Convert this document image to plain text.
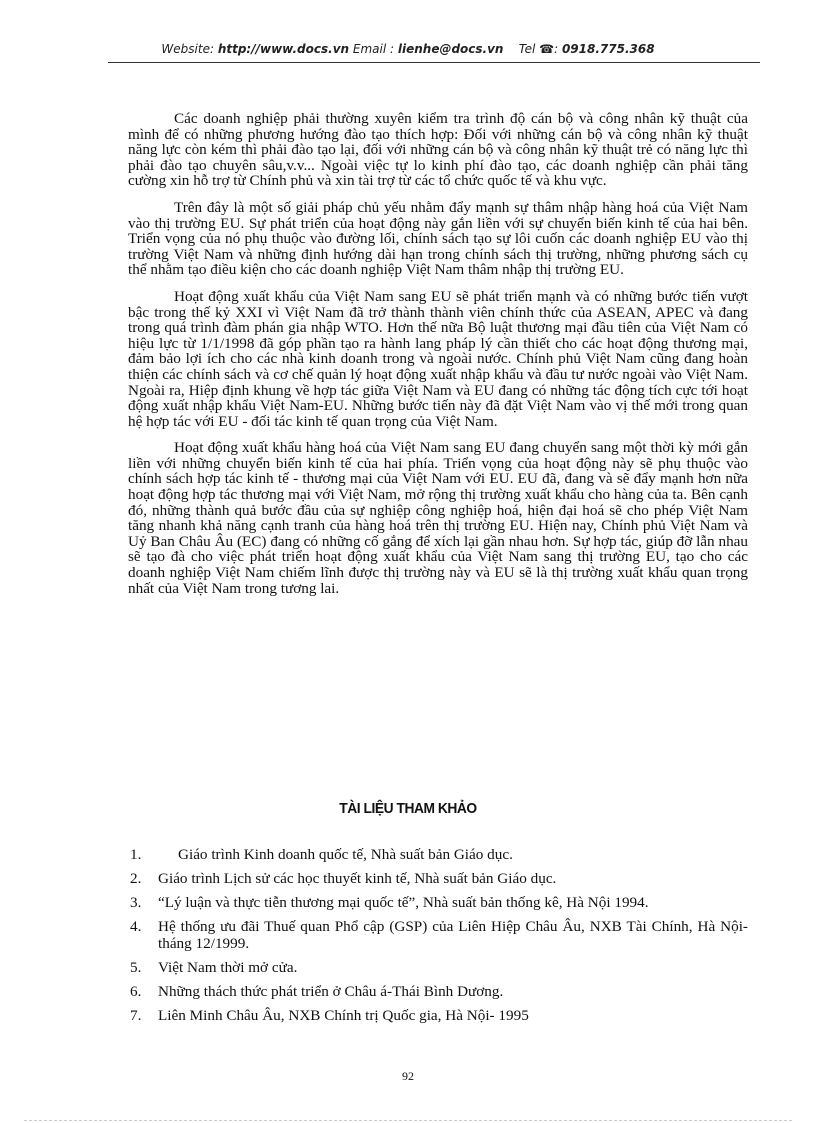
Website: http://www.docs.vn Email : lienhe@docs.vn Tel ☎: 0918.775.368

Các doanh nghiệp phải thường xuyên kiểm tra trình độ cán bộ và công nhân kỹ thuật của mình để có những phương hướng đào tạo thích hợp: Đối với những cán bộ và công nhân kỹ thuật năng lực còn kém thì phải đào tạo lại, đối với những cán bộ và công nhân kỹ thuật trẻ có năng lực thì phải đào tạo chuyên sâu,v.v... Ngoài việc tự lo kinh phí đào tạo, các doanh nghiệp cần phải tăng cường xin hỗ trợ từ Chính phủ và xin tài trợ từ các tổ chức quốc tế và khu vực.

Trên đây là một số giải pháp chủ yếu nhằm đẩy mạnh sự thâm nhập hàng hoá của Việt Nam vào thị trường EU. Sự phát triển của hoạt động này gắn liền với sự chuyển biến kinh tế của hai bên. Triển vọng của nó phụ thuộc vào đường lối, chính sách tạo sự lôi cuốn các doanh nghiệp EU vào thị trường Việt Nam và những định hướng dài hạn trong chính sách thị trường, những phương sách cụ thể nhằm tạo điều kiện cho các doanh nghiệp Việt Nam thâm nhập thị trường EU.

Hoạt động xuất khẩu của Việt Nam sang EU sẽ phát triển mạnh và có những bước tiến vượt bậc trong thế kỷ XXI vì Việt Nam đã trở thành thành viên chính thức của ASEAN, APEC và đang trong quá trình đàm phán gia nhập WTO. Hơn thế nữa Bộ luật thương mại đầu tiên của Việt Nam có hiệu lực từ 1/1/1998 đã góp phần tạo ra hành lang pháp lý cần thiết cho các hoạt động thương mại, đảm bảo lợi ích cho các nhà kinh doanh trong và ngoài nước. Chính phủ Việt Nam cũng đang hoàn thiện các chính sách và cơ chế quản lý hoạt động xuất nhập khẩu và đầu tư nước ngoài vào Việt Nam. Ngoài ra, Hiệp định khung về hợp tác giữa Việt Nam và EU đang có những tác động tích cực tới hoạt động xuất nhập khẩu Việt Nam-EU. Những bước tiến này đã đặt Việt Nam vào vị thế mới trong quan hệ hợp tác với EU - đối tác kinh tế quan trọng của Việt Nam.

Hoạt động xuất khẩu hàng hoá của Việt Nam sang EU đang chuyển sang một thời kỳ mới gắn liền với những chuyển biến kinh tế của hai phía. Triển vọng của hoạt động này sẽ phụ thuộc vào chính sách hợp tác kinh tế - thương mại của Việt Nam với EU. EU đã, đang và sẽ đẩy mạnh hơn nữa hoạt động hợp tác thương mại với Việt Nam, mở rộng thị trường xuất khẩu cho hàng của ta. Bên cạnh đó, những thành quả bước đầu của sự nghiệp công nghiệp hoá, hiện đại hoá sẽ cho phép Việt Nam tăng nhanh khả năng cạnh tranh của hàng hoá trên thị trường EU. Hiện nay, Chính phủ Việt Nam và Uỷ Ban Châu Âu (EC) đang có những cố gắng để xích lại gần nhau hơn. Sự hợp tác, giúp đỡ lẫn nhau sẽ tạo đà cho việc phát triển hoạt động xuất khẩu của Việt Nam sang thị trường EU, tạo cho các doanh nghiệp Việt Nam chiếm lĩnh được thị trường này và EU sẽ là thị trường xuất khẩu quan trọng nhất của Việt Nam trong tương lai.

TÀI LIỆU THAM KHẢO
1. Giáo trình Kinh doanh quốc tế, Nhà suất bản Giáo dục.
2. Giáo trình Lịch sử các học thuyết kinh tế, Nhà suất bản Giáo dục.
3. “Lý luận và thực tiễn thương mại quốc tế”, Nhà suất bản thống kê, Hà Nội 1994.
4. Hệ thống ưu đãi Thuế quan Phổ cập (GSP) của Liên Hiệp Châu Âu, NXB Tài Chính, Hà Nội- tháng 12/1999.
5. Việt Nam thời mở cửa.
6. Những thách thức phát triển ở Châu á-Thái Bình Dương.
7. Liên Minh Châu Âu, NXB Chính trị Quốc gia, Hà Nội- 1995
92
